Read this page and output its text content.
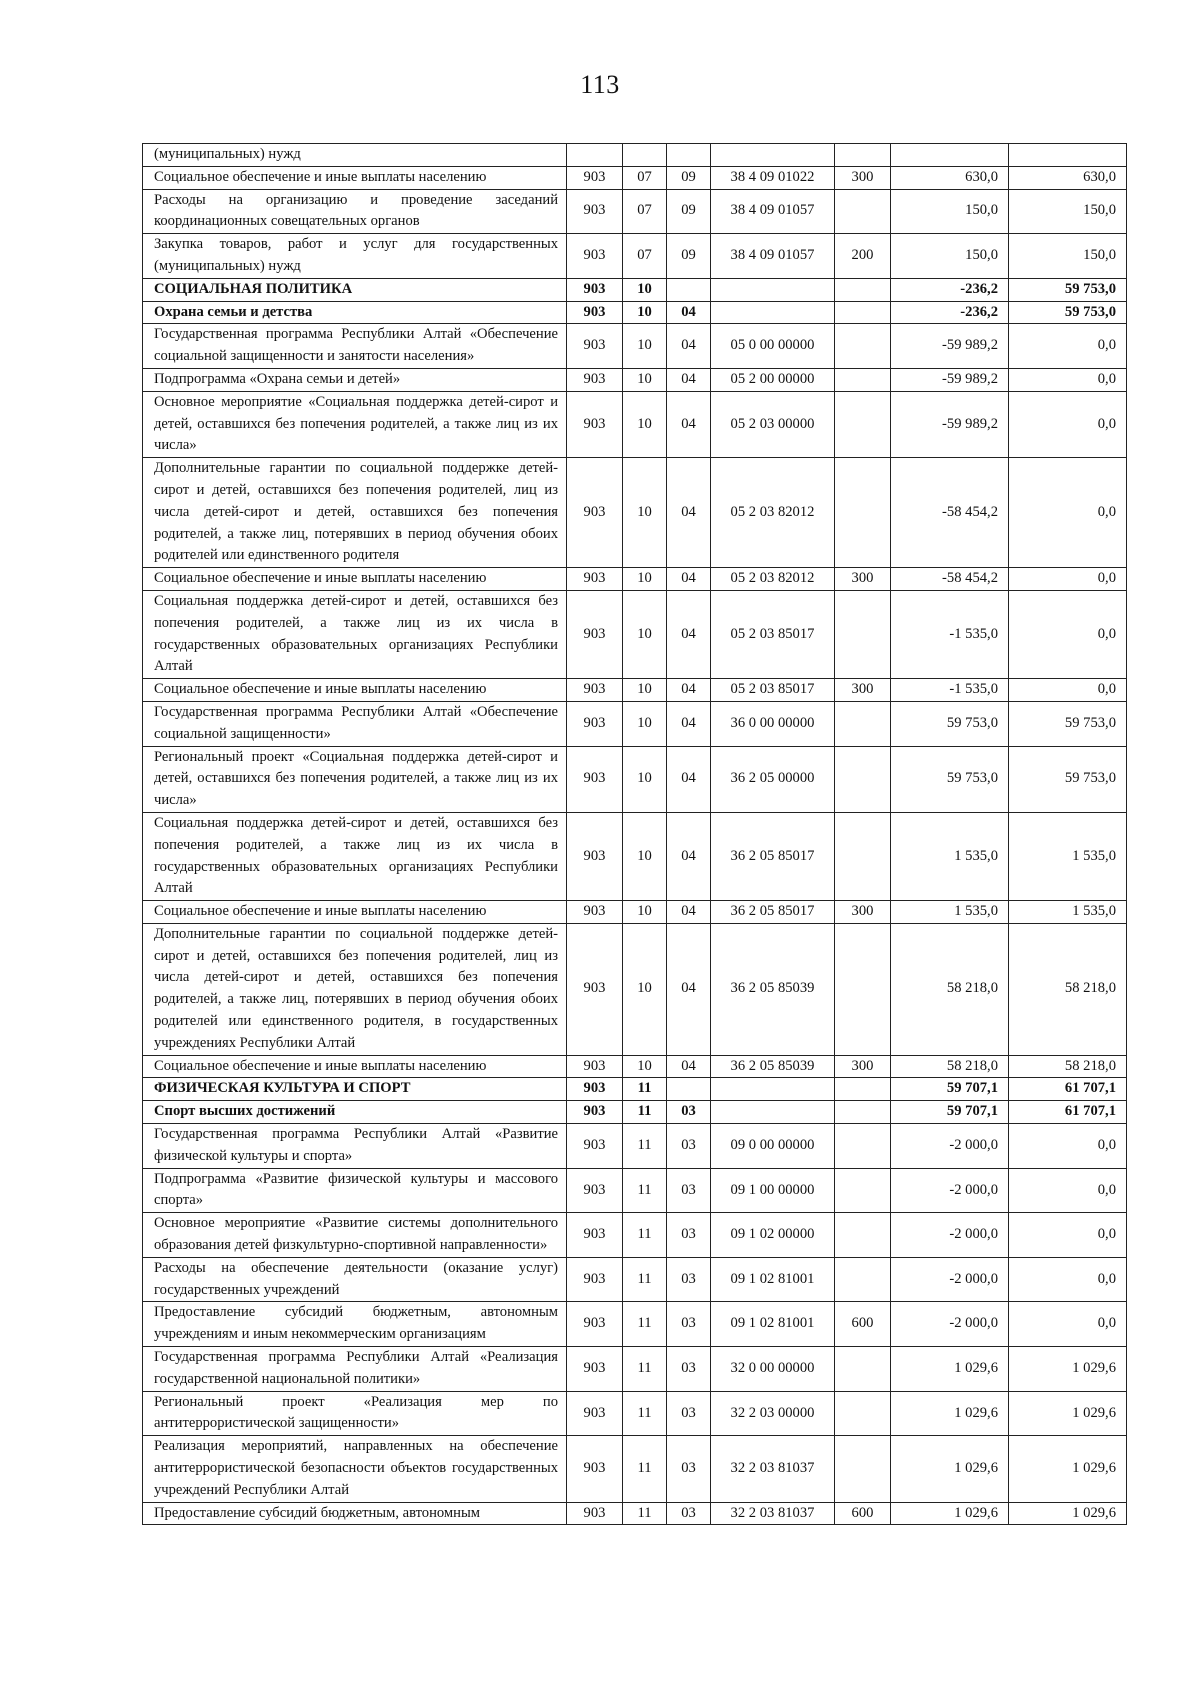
113
(муниципальных) нужд							
Социальное обеспечение и иные выплаты населению	903	07	09	38 4 09 01022	300	630,0	630,0
Расходы на организацию и проведение заседаний координационных совещательных органов	903	07	09	38 4 09 01057		150,0	150,0
Закупка товаров, работ и услуг для государственных (муниципальных) нужд	903	07	09	38 4 09 01057	200	150,0	150,0
СОЦИАЛЬНАЯ ПОЛИТИКА	903	10				-236,2	59 753,0
Охрана семьи и детства	903	10	04			-236,2	59 753,0
Государственная программа Республики Алтай «Обеспечение социальной защищенности и занятости населения»	903	10	04	05 0 00 00000		-59 989,2	0,0
Подпрограмма «Охрана семьи и детей»	903	10	04	05 2 00 00000		-59 989,2	0,0
Основное мероприятие «Социальная поддержка детей-сирот и детей, оставшихся без попечения родителей, а также лиц из их числа»	903	10	04	05 2 03 00000		-59 989,2	0,0
Дополнительные гарантии по социальной поддержке детей-сирот и детей, оставшихся без попечения родителей, лиц из числа детей-сирот и детей, оставшихся без попечения родителей, а также лиц, потерявших в период обучения обоих родителей или единственного родителя	903	10	04	05 2 03 82012		-58 454,2	0,0
Социальное обеспечение и иные выплаты населению	903	10	04	05 2 03 82012	300	-58 454,2	0,0
Социальная поддержка детей-сирот и детей, оставшихся без попечения родителей, а также лиц из их числа в государственных образовательных организациях Республики Алтай	903	10	04	05 2 03 85017		-1 535,0	0,0
Социальное обеспечение и иные выплаты населению	903	10	04	05 2 03 85017	300	-1 535,0	0,0
Государственная программа Республики Алтай «Обеспечение социальной защищенности»	903	10	04	36 0 00 00000		59 753,0	59 753,0
Региональный проект «Социальная поддержка детей-сирот и детей, оставшихся без попечения родителей, а также лиц из их числа»	903	10	04	36 2 05 00000		59 753,0	59 753,0
Социальная поддержка детей-сирот и детей, оставшихся без попечения родителей, а также лиц из их числа в государственных образовательных организациях Республики Алтай	903	10	04	36 2 05 85017		1 535,0	1 535,0
Социальное обеспечение и иные выплаты населению	903	10	04	36 2 05 85017	300	1 535,0	1 535,0
Дополнительные гарантии по социальной поддержке детей-сирот и детей, оставшихся без попечения родителей, лиц из числа детей-сирот и детей, оставшихся без попечения родителей, а также лиц, потерявших в период обучения обоих родителей или единственного родителя, в государственных учреждениях Республики Алтай	903	10	04	36 2 05 85039		58 218,0	58 218,0
Социальное обеспечение и иные выплаты населению	903	10	04	36 2 05 85039	300	58 218,0	58 218,0
ФИЗИЧЕСКАЯ КУЛЬТУРА И СПОРТ	903	11				59 707,1	61 707,1
Спорт высших достижений	903	11	03			59 707,1	61 707,1
Государственная программа Республики Алтай «Развитие физической культуры и спорта»	903	11	03	09 0 00 00000		-2 000,0	0,0
Подпрограмма «Развитие физической культуры и массового спорта»	903	11	03	09 1 00 00000		-2 000,0	0,0
Основное мероприятие «Развитие системы дополнительного образования детей физкультурно-спортивной направленности»	903	11	03	09 1 02 00000		-2 000,0	0,0
Расходы на обеспечение деятельности (оказание услуг) государственных учреждений	903	11	03	09 1 02 81001		-2 000,0	0,0
Предоставление субсидий бюджетным, автономным учреждениям и иным некоммерческим организациям	903	11	03	09 1 02 81001	600	-2 000,0	0,0
Государственная программа Республики Алтай «Реализация государственной национальной политики»	903	11	03	32 0 00 00000		1 029,6	1 029,6
Региональный проект «Реализация мер по антитеррористической защищенности»	903	11	03	32 2 03 00000		1 029,6	1 029,6
Реализация мероприятий, направленных на обеспечение антитеррористической безопасности объектов государственных учреждений Республики Алтай	903	11	03	32 2 03 81037		1 029,6	1 029,6
Предоставление субсидий бюджетным, автономным	903	11	03	32 2 03 81037	600	1 029,6	1 029,6
